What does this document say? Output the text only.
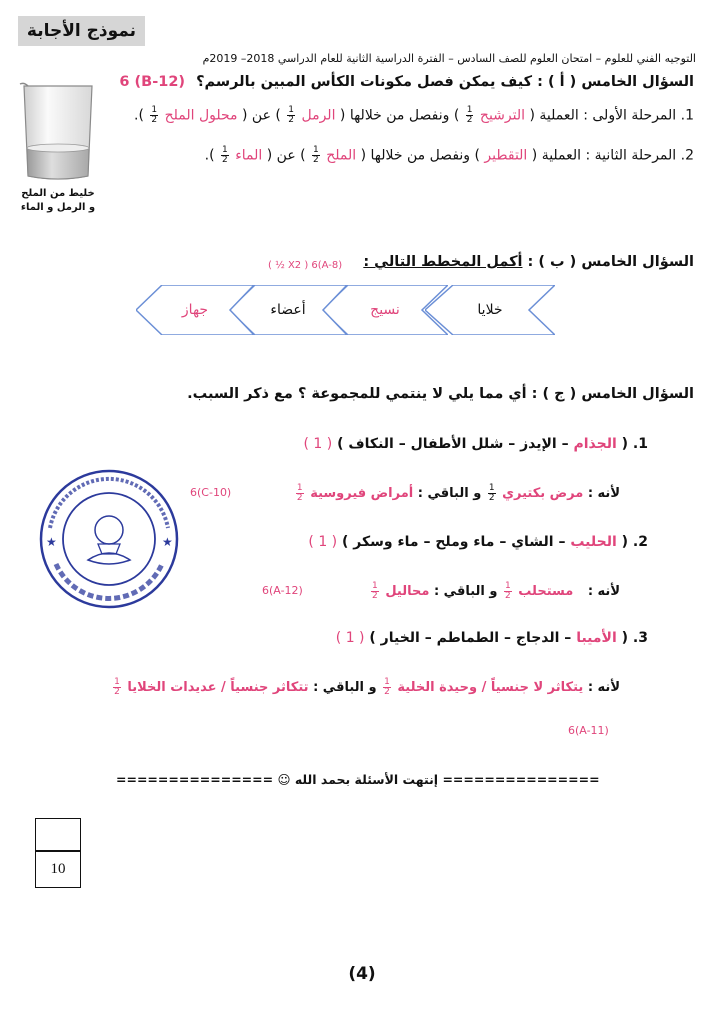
نموذج الأجابة
التوجيه الفني للعلوم – امتحان العلوم للصف السادس – الفترة الدراسية الثانية للعام الدراسي 2018– 2019م
خليط من الملح
و الرمل و الماء
السؤال الخامس ( أ ) : كيف يمكن فصل مكونات الكأس المبين بالرسم؟ (B-12) 6
1. المرحلة الأولى : العملية ( الترشيح
$\frac{1}{2}$
) ونفصل من خلالها ( الرمل
$\frac{1}{2}$
) عن ( محلول الملح
$\frac{1}{2}$
).
2. المرحلة الثانية : العملية ( التقطير ) ونفصل من خلالها ( الملح
$\frac{1}{2}$
) عن ( الماء
$\frac{1}{2}$
).
السؤال الخامس ( ب ) : أكمل المخطط التالي :
( ½ X2 ) 6(A-8)
خلايا
نسيج
أعضاء
جهاز
السؤال الخامس ( ج ) : أي مما يلي لا ينتمي للمجموعة ؟ مع ذكر السبب.
★	★
1. ( الجذام – الإيدز – شلل الأطفال – النكاف ) ( 1 )
لأنه : مرض بكتيري
$\frac{1}{2}$
و الباقي : أمراض فيروسية
$\frac{1}{2}$
6(C-10)
2. ( الحليب – الشاي – ماء وملح – ماء وسكر ) ( 1 )
لأنه : مستحلب
$\frac{1}{2}$
و الباقي : محاليل
$\frac{1}{2}$
6(A-12)
3. ( الأميبا – الدجاج – الطماطم – الخيار ) ( 1 )
لأنه : يتكاثر لا جنسياً / وحيدة الخلية
$\frac{1}{2}$
و الباقي : تتكاثر جنسياً / عديدات الخلايا
$\frac{1}{2}$
6(A-11)
=============== إنتهت الأسئلة بحمد الله ☺ ===============
10
(4)
